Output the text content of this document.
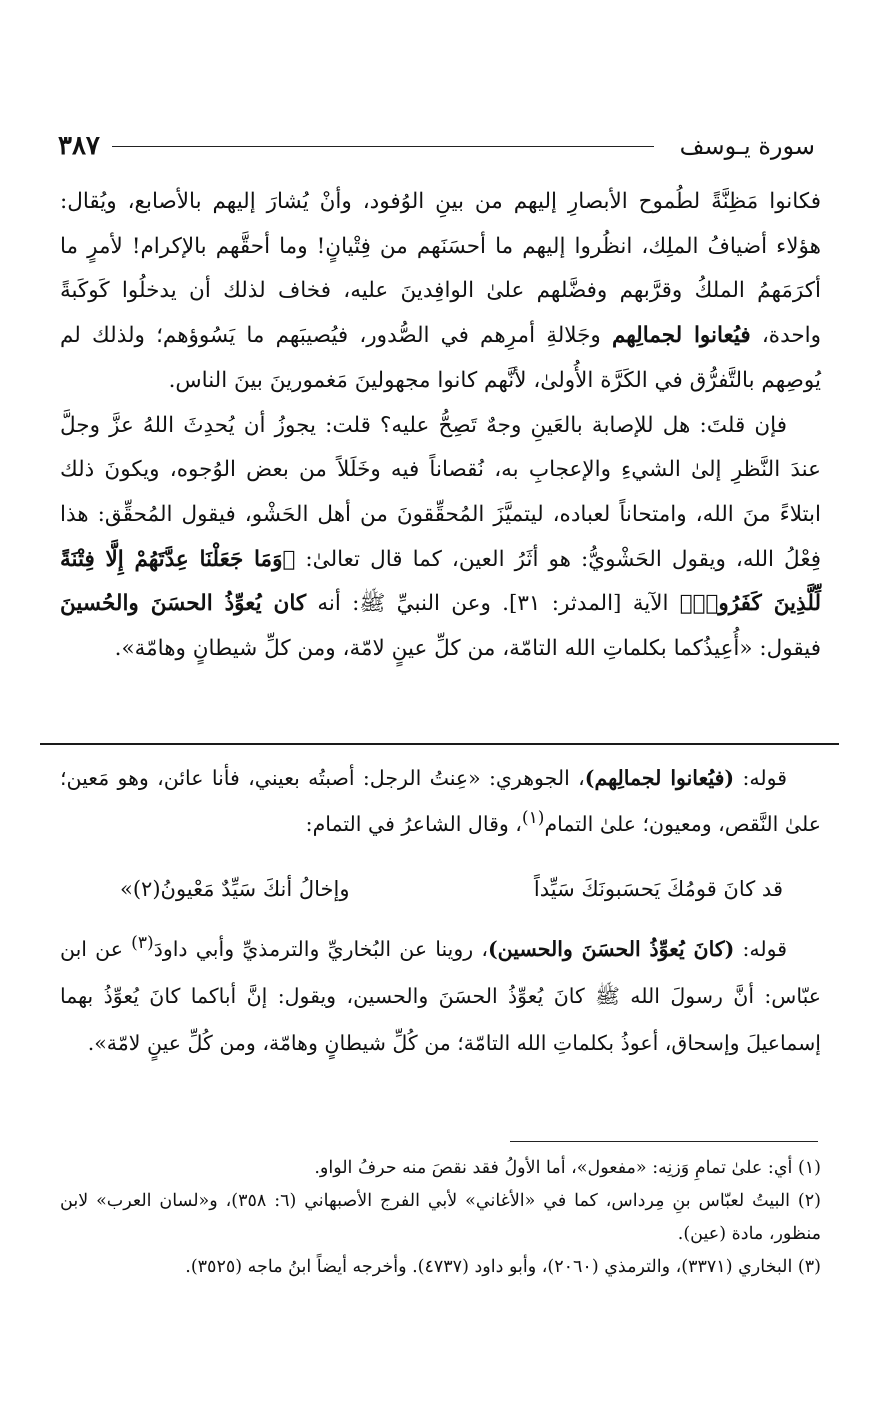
سورة يـوسف
٣٨٧

فكانوا مَظِنَّةً لطُموح الأبصارِ إليهم من بينِ الوُفود، وأنْ يُشارَ إليهم بالأصابع، ويُقال: هؤلاء أضيافُ الملِك، انظُروا إليهم ما أحسَنَهم من فِتْيانٍ! وما أحقَّهم بالإكرام! لأمرٍ ما أكرَمَهمُ الملكُ وقرَّبهم وفضَّلهم علىٰ الوافِدينَ عليه، فخاف لذلك أن يدخلُوا كَوكَبةً واحدة، فيُعانوا لجمالِهم وجَلالةِ أمرِهم في الصُّدور، فيُصيبَهم ما يَسُوؤهم؛ ولذلك لم يُوصِهم بالتَّفرُّق في الكَرَّة الأُولىٰ، لأنَّهم كانوا مجهولينَ مَغمورينَ بينَ الناس.

فإن قلتَ: هل للإصابة بالعَينِ وجهٌ تَصِحُّ عليه؟ قلت: يجوزُ أن يُحدِثَ اللهُ عزَّ وجلَّ عندَ النَّظرِ إلىٰ الشيءِ والإعجابِ به، نُقصاناً فيه وخَلَلاً من بعض الوُجوه، ويكونَ ذلك ابتلاءً منَ الله، وامتحاناً لعباده، ليتميَّزَ المُحقِّقونَ من أهل الحَشْو، فيقول المُحقِّق: هذا فِعْلُ الله، ويقول الحَشْويُّ: هو أثَرُ العين، كما قال تعالىٰ: ﴿وَمَا جَعَلْنَا عِدَّتَهُمْ إِلَّا فِتْنَةً لِّلَّذِينَ كَفَرُوا۟﴾ الآية [المدثر: ٣١]. وعن النبيِّ ﷺ: أنه كان يُعوِّذُ الحسَنَ والحُسينَ فيقول: «أُعِيذُكما بكلماتِ الله التامّة، من كلِّ عينٍ لامّة، ومن كلِّ شيطانٍ وهامّة».

قوله: (فيُعانوا لجمالِهم)، الجوهري: «عِنتُ الرجل: أصبتُه بعيني، فأنا عائن، وهو مَعين؛ علىٰ النَّقص، ومعيون؛ علىٰ التمام$^{(١)}$، وقال الشاعرُ في التمام:

قد كانَ قومُكَ يَحسَبونَكَ سَيِّداً
وإخالُ أنكَ سَيِّدٌ مَعْيونُ(٢)»

قوله: (كانَ يُعوِّذُ الحسَنَ والحسين)، روينا عن البُخاريِّ والترمذيِّ وأبي داودَ$^{(٣)}$ عن ابن عبّاس: أنَّ رسولَ الله ﷺ كانَ يُعوِّذُ الحسَنَ والحسين، ويقول: إنَّ أباكما كانَ يُعوِّذُ بهما إسماعيلَ وإسحاق، أعوذُ بكلماتِ الله التامّة؛ من كُلِّ شيطانٍ وهامّة، ومن كُلِّ عينٍ لامّة».

(١) أي: علىٰ تمامِ وَزنِه: «مفعول»، أما الأولُ فقد نقصَ منه حرفُ الواو.

(٢) البيتُ لعبّاس بنِ مِرداس، كما في «الأغاني» لأبي الفرج الأصبهاني (٦: ٣٥٨)، و«لسان العرب» لابن منظور، مادة (عين).

(٣) البخاري (٣٣٧١)، والترمذي (٢٠٦٠)، وأبو داود (٤٧٣٧). وأخرجه أيضاً ابنُ ماجه (٣٥٢٥).
